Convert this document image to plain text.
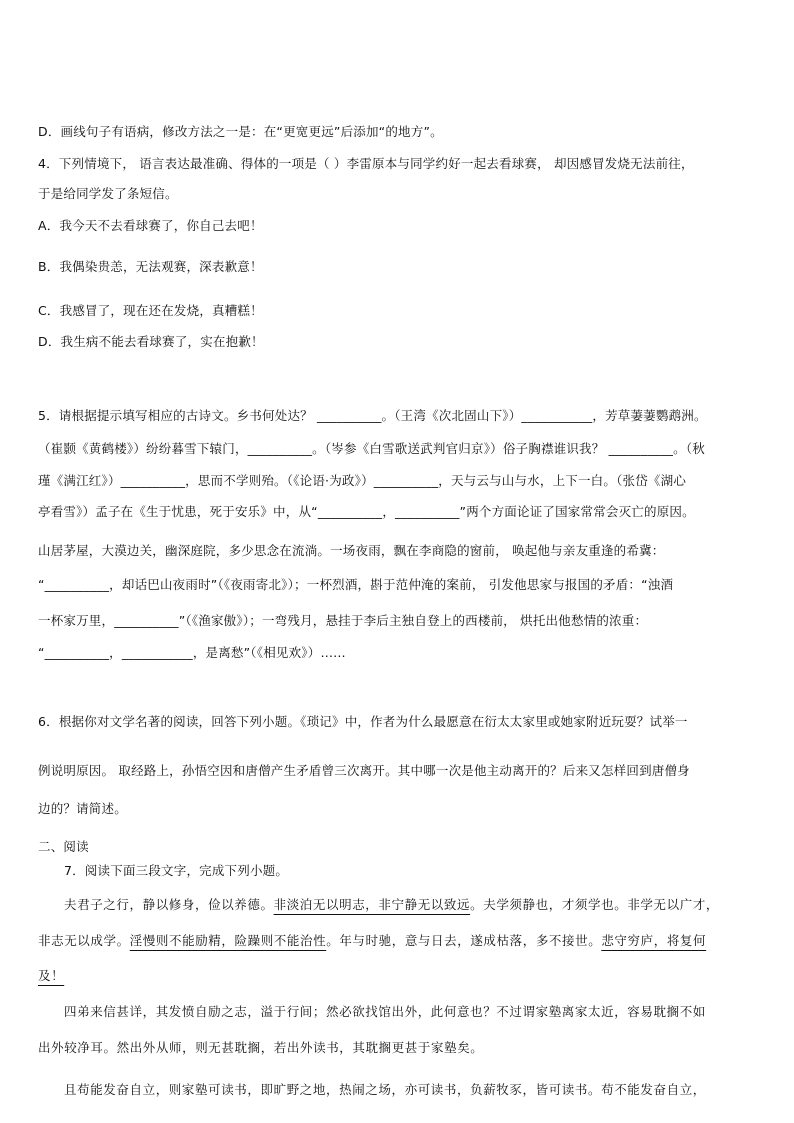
D．画线句子有语病，修改方法之一是：在“更宽更远”后添加“的地方”。
4．下列情境下， 语言表达最准确、得体的一项是（ ）李雷原本与同学约好一起去看球赛， 却因感冒发烧无法前往，
于是给同学发了条短信。
A．我今天不去看球赛了，你自己去吧！
B．我偶染贵恙，无法观赛，深表歉意！
C．我感冒了，现在还在发烧，真糟糕！
D．我生病不能去看球赛了，实在抱歉！
5．请根据提示填写相应的古诗文。乡书何处达？ __________。（王湾《次北固山下》）___________，芳草萋萋鹦鹉洲。
（崔颢《黄鹤楼》）纷纷暮雪下辕门，__________。（岑参《白雪歌送武判官归京》）俗子胸襟谁识我？ __________。（秋
瑾《满江红》）__________，思而不学则殆。（《论语·为政》）__________，天与云与山与水，上下一白。（张岱《湖心
亭看雪》）孟子在《生于忧患，死于安乐》中，从“__________，__________”两个方面论证了国家常常会灭亡的原因。
山居茅屋，大漠边关，幽深庭院，多少思念在流淌。一场夜雨，飘在李商隐的窗前， 唤起他与亲友重逢的希冀：
“__________，却话巴山夜雨时”（《夜雨寄北》）；一杯烈酒，斟于范仲淹的案前， 引发他思家与报国的矛盾：“浊酒
一杯家万里，__________”（《渔家傲》）；一弯残月，悬挂于李后主独自登上的西楼前， 烘托出他愁情的浓重：
“__________，___________，是离愁”（《相见欢》）……
6．根据你对文学名著的阅读，回答下列小题。《琐记》中，作者为什么最愿意在衍太太家里或她家附近玩耍？试举一
例说明原因。 取经路上，孙悟空因和唐僧产生矛盾曾三次离开。其中哪一次是他主动离开的？后来又怎样回到唐僧身
边的？请简述。
二、阅读
7．阅读下面三段文字，完成下列小题。
夫君子之行，静以修身，俭以养德。非淡泊无以明志，非宁静无以致远。夫学须静也，才须学也。非学无以广才，
非志无以成学。淫慢则不能励精，险躁则不能治性。年与时驰，意与日去，遂成枯落，多不接世。悲守穷庐，将复何
及！
四弟来信甚详，其发愤自励之志，溢于行间；然必欲找馆出外，此何意也？不过谓家塾离家太近，容易耽搁不如
出外较净耳。然出外从师，则无甚耽搁，若出外读书，其耽搁更甚于家塾矣。
且苟能发奋自立，则家塾可读书，即旷野之地，热闹之场，亦可读书，负薪牧豕，皆可读书。苟不能发奋自立，
